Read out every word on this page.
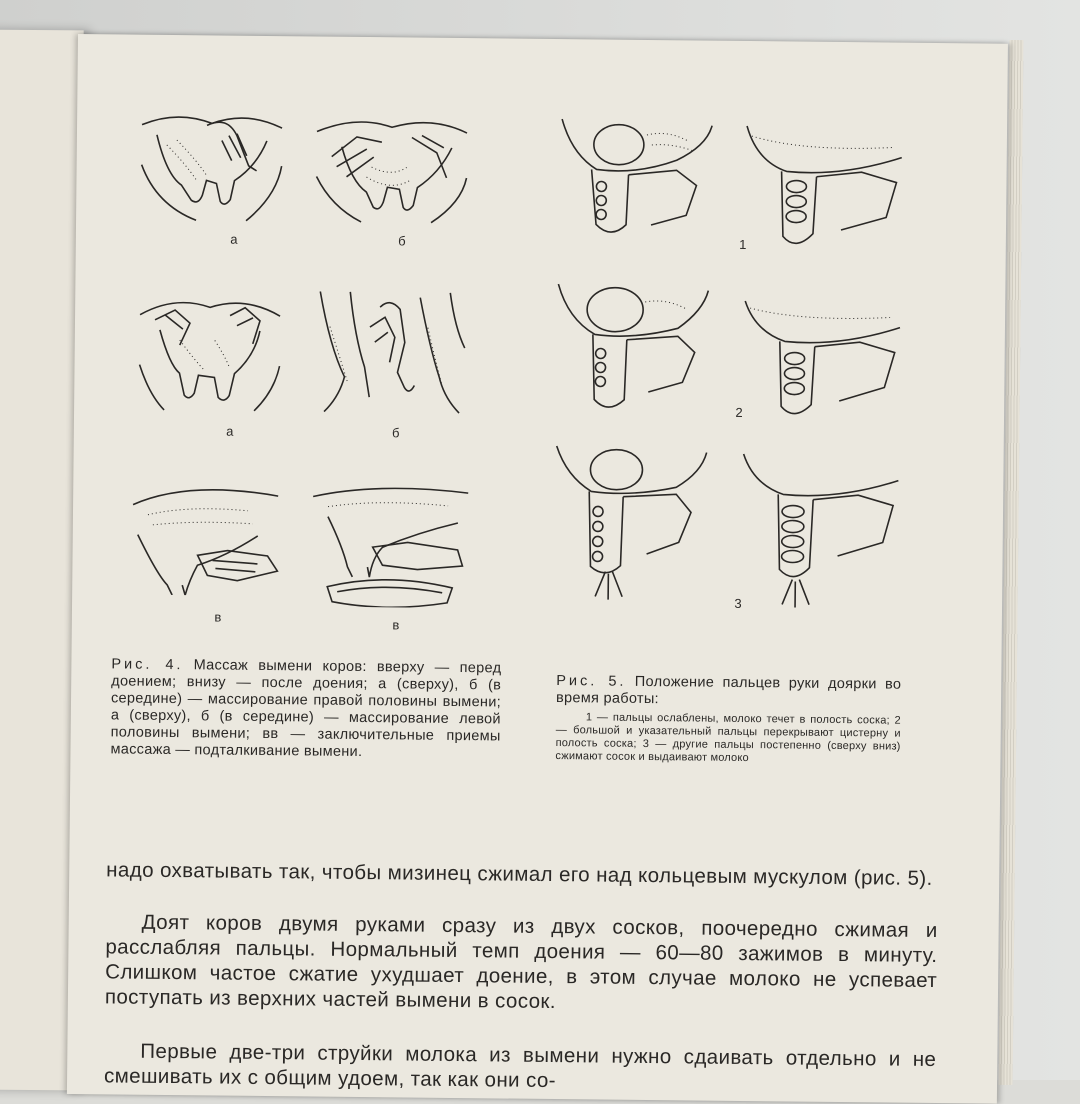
а	б
а	б
в
в
1
2
3
Рис. 4. Массаж вымени коров: вверху — перед доением; внизу — после доения; а (сверху), б (в середине) — массирование правой половины вымени; а (сверху), б (в середине) — массирование левой половины вымени; вв — заключительные приемы массажа — подталкивание вымени.
Рис. 5. Положение пальцев руки доярки во время работы:
1 — пальцы ослаблены, молоко течет в полость соска; 2 — большой и указательный пальцы перекрывают цистерну и полость соска; 3 — другие пальцы постепенно (сверху вниз) сжимают сосок и выдаивают молоко
надо охватывать так, чтобы мизинец сжимал его над кольцевым мускулом (рис. 5).
Доят коров двумя руками сразу из двух сосков, поочередно сжимая и расслабляя пальцы. Нормальный темп доения — 60—80 зажимов в минуту. Слишком частое сжатие ухудшает доение, в этом случае молоко не успевает поступать из верхних частей вымени в сосок.
Первые две-три струйки молока из вымени нужно сдаивать отдельно и не смешивать их с общим удоем, так как они со-
